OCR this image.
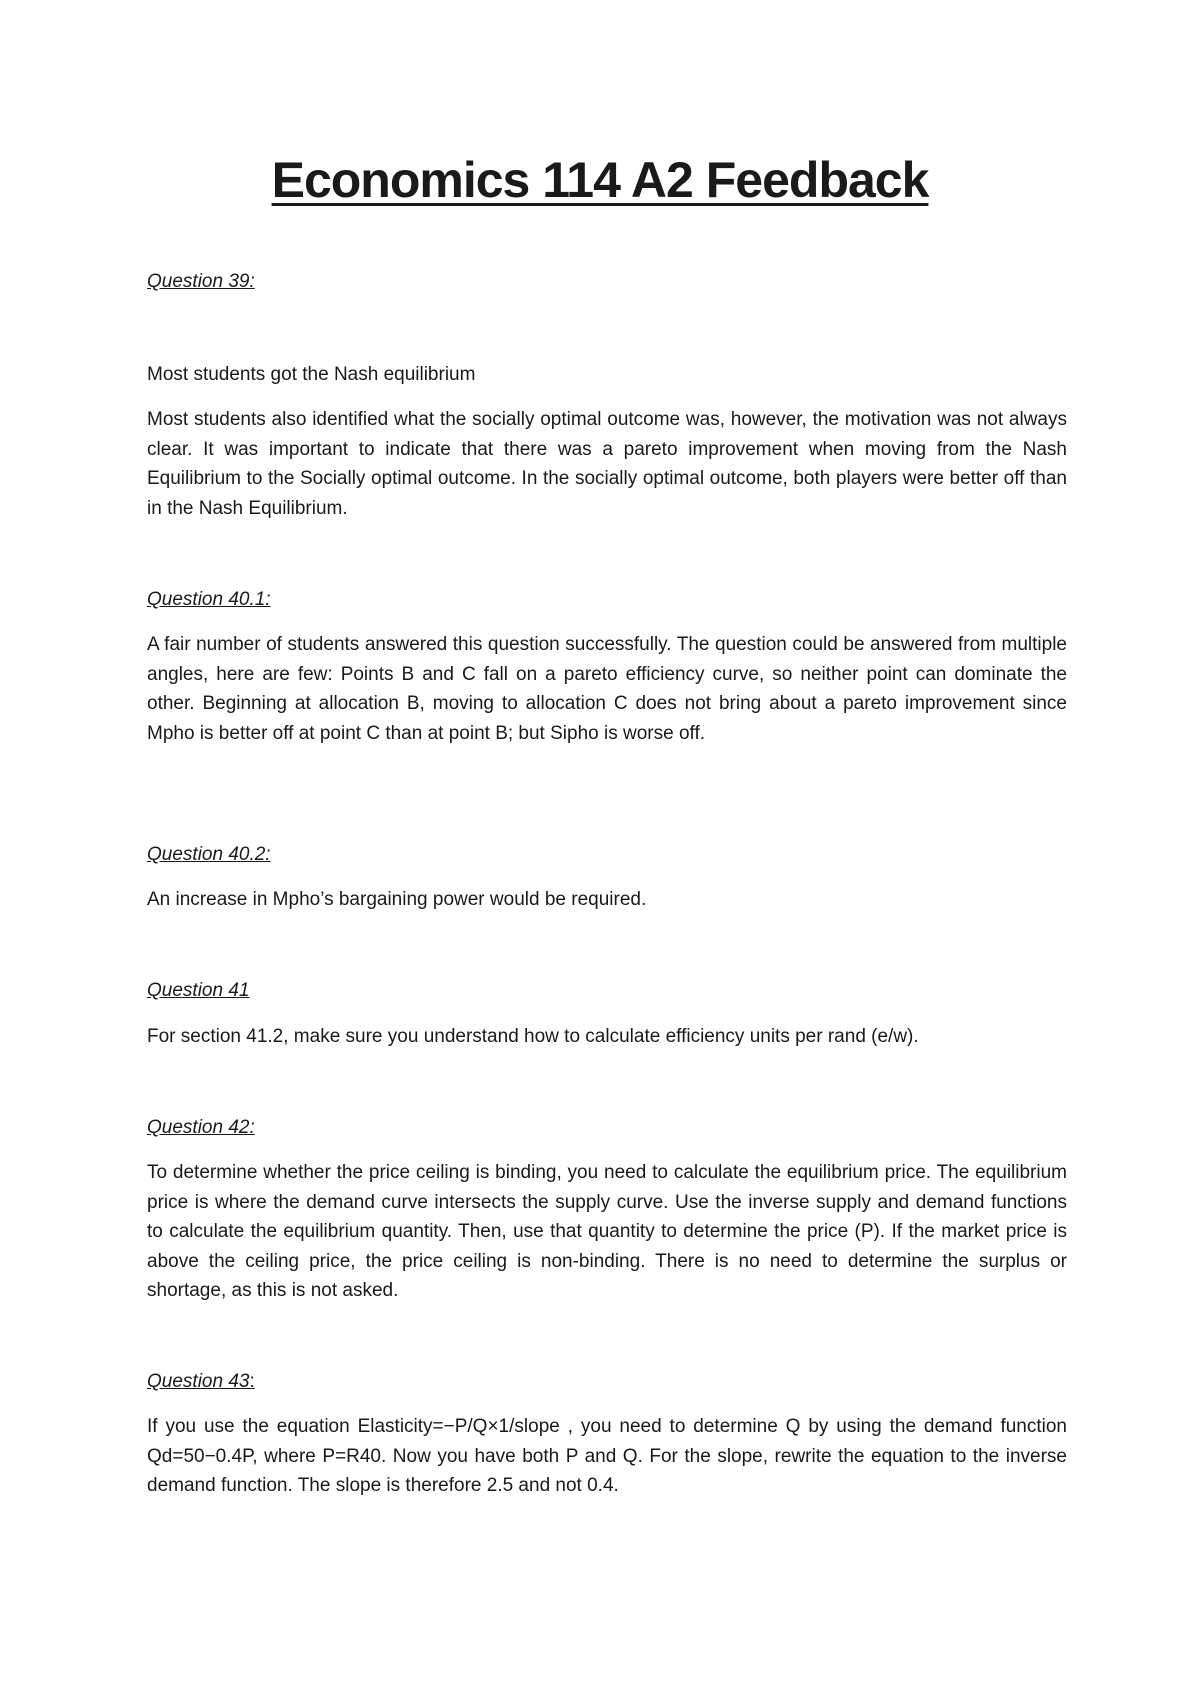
Economics 114 A2 Feedback

Question 39:

Most students got the Nash equilibrium

Most students also identified what the socially optimal outcome was, however, the motivation was not always clear. It was important to indicate that there was a pareto improvement when moving from the Nash Equilibrium to the Socially optimal outcome. In the socially optimal outcome, both players were better off than in the Nash Equilibrium.

Question 40.1:

A fair number of students answered this question successfully. The question could be answered from multiple angles, here are few: Points B and C fall on a pareto efficiency curve, so neither point can dominate the other. Beginning at allocation B, moving to allocation C does not bring about a pareto improvement since Mpho is better off at point C than at point B; but Sipho is worse off.

Question 40.2:

An increase in Mpho’s bargaining power would be required.

Question 41

For section 41.2, make sure you understand how to calculate efficiency units per rand (e/w).

Question 42:

To determine whether the price ceiling is binding, you need to calculate the equilibrium price. The equilibrium price is where the demand curve intersects the supply curve. Use the inverse supply and demand functions to calculate the equilibrium quantity. Then, use that quantity to determine the price (P). If the market price is above the ceiling price, the price ceiling is non-binding. There is no need to determine the surplus or shortage, as this is not asked.

Question 43:

If you use the equation Elasticity=−P/Q×1/slope , you need to determine Q by using the demand function Qd=50−0.4P, where P=R40. Now you have both P and Q. For the slope, rewrite the equation to the inverse demand function. The slope is therefore 2.5 and not 0.4.
